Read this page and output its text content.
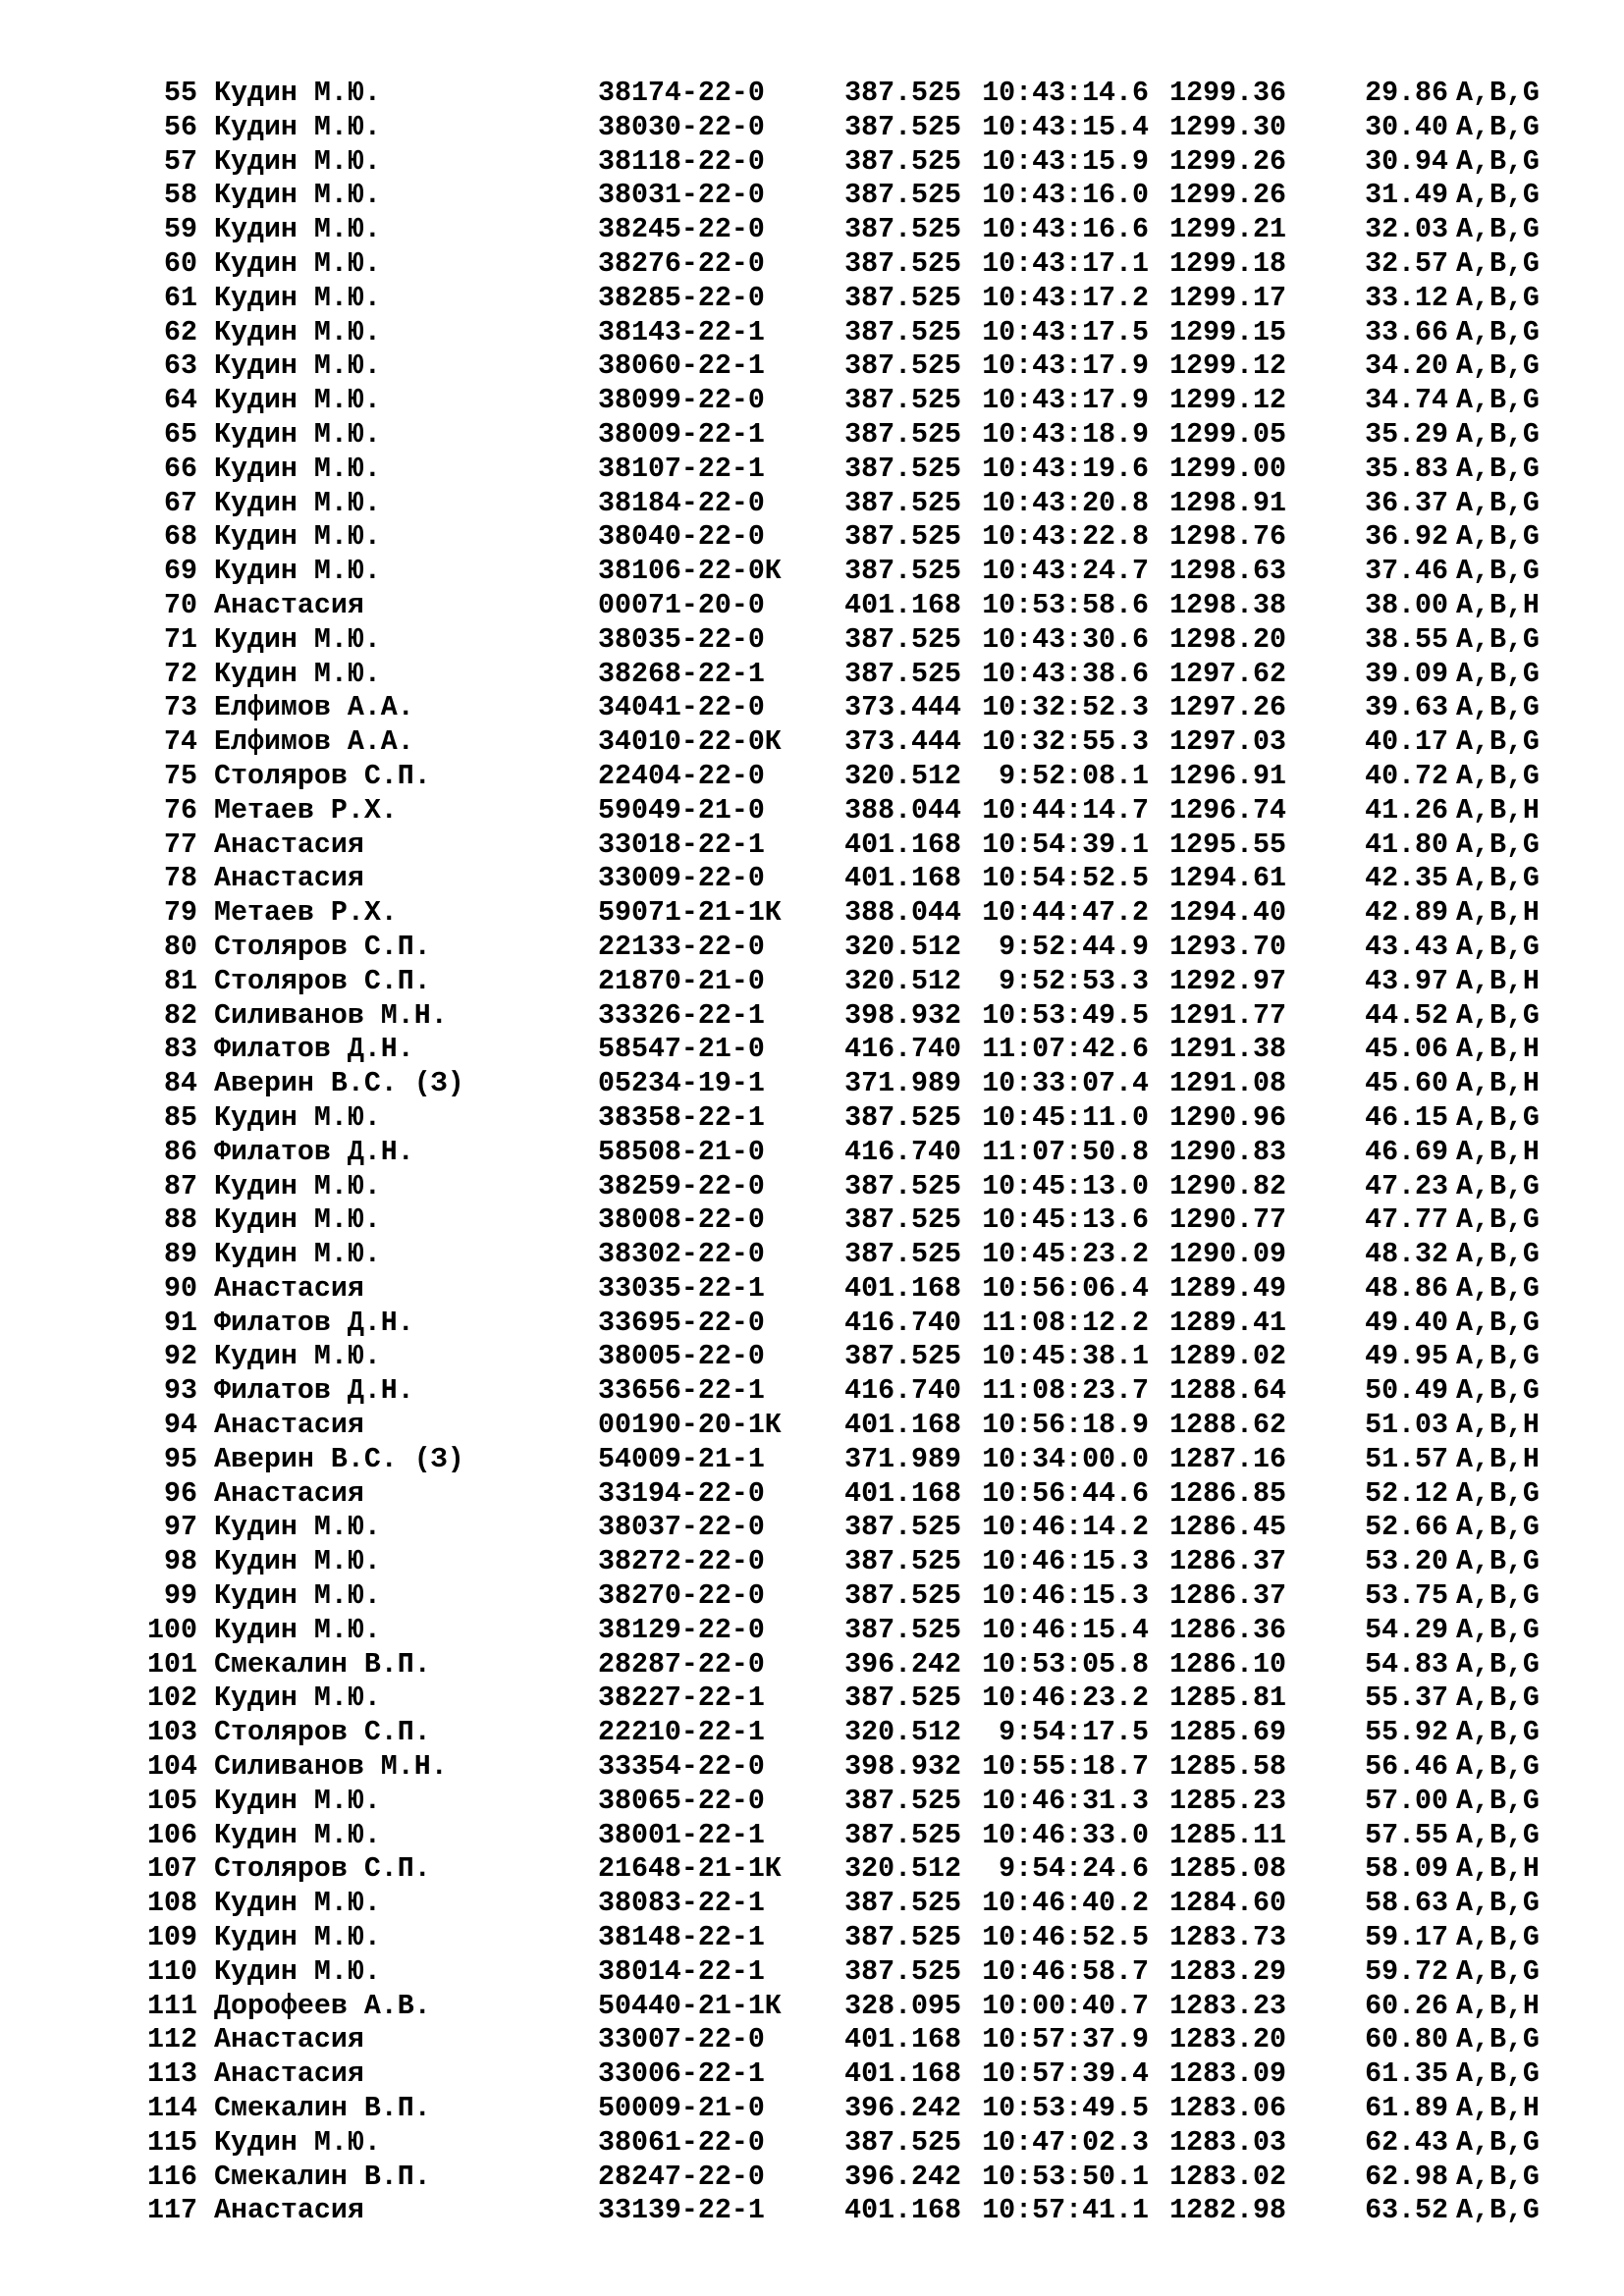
55 Кудин М.Ю.	38174-22-0	387.525 10:43:14.6 1299.36	29.86 A,B,G
56 Кудин М.Ю.	38030-22-0	387.525 10:43:15.4 1299.30	30.40 A,B,G
57 Кудин М.Ю.	38118-22-0	387.525 10:43:15.9 1299.26	30.94 A,B,G
58 Кудин М.Ю.	38031-22-0	387.525 10:43:16.0 1299.26	31.49 A,B,G
59 Кудин М.Ю.	38245-22-0	387.525 10:43:16.6 1299.21	32.03 A,B,G
60 Кудин М.Ю.	38276-22-0	387.525 10:43:17.1 1299.18	32.57 A,B,G
61 Кудин М.Ю.	38285-22-0	387.525 10:43:17.2 1299.17	33.12 A,B,G
62 Кудин М.Ю.	38143-22-1	387.525 10:43:17.5 1299.15	33.66 A,B,G
63 Кудин М.Ю.	38060-22-1	387.525 10:43:17.9 1299.12	34.20 A,B,G
64 Кудин М.Ю.	38099-22-0	387.525 10:43:17.9 1299.12	34.74 A,B,G
65 Кудин М.Ю.	38009-22-1	387.525 10:43:18.9 1299.05	35.29 A,B,G
66 Кудин М.Ю.	38107-22-1	387.525 10:43:19.6 1299.00	35.83 A,B,G
67 Кудин М.Ю.	38184-22-0	387.525 10:43:20.8 1298.91	36.37 A,B,G
68 Кудин М.Ю.	38040-22-0	387.525 10:43:22.8 1298.76	36.92 A,B,G
69 Кудин М.Ю.	38106-22-0К	387.525 10:43:24.7 1298.63	37.46 A,B,G
70 Анастасия	00071-20-0	401.168 10:53:58.6 1298.38	38.00 A,B,H
71 Кудин М.Ю.	38035-22-0	387.525 10:43:30.6 1298.20	38.55 A,B,G
72 Кудин М.Ю.	38268-22-1	387.525 10:43:38.6 1297.62	39.09 A,B,G
73 Елфимов А.А.	34041-22-0	373.444 10:32:52.3 1297.26	39.63 A,B,G
74 Елфимов А.А.	34010-22-0К	373.444 10:32:55.3 1297.03	40.17 A,B,G
75 Столяров С.П.	22404-22-0	320.512	9:52:08.1 1296.91	40.72 A,B,G
76 Метаев Р.Х.	59049-21-0	388.044 10:44:14.7 1296.74	41.26 A,B,H
77 Анастасия	33018-22-1	401.168 10:54:39.1 1295.55	41.80 A,B,G
78 Анастасия	33009-22-0	401.168 10:54:52.5 1294.61	42.35 A,B,G
79 Метаев Р.Х.	59071-21-1К	388.044 10:44:47.2 1294.40	42.89 A,B,H
80 Столяров С.П.	22133-22-0	320.512	9:52:44.9 1293.70	43.43 A,B,G
81 Столяров С.П.	21870-21-0	320.512	9:52:53.3 1292.97	43.97 A,B,H
82 Силиванов М.Н.	33326-22-1	398.932 10:53:49.5 1291.77	44.52 A,B,G
83 Филатов Д.Н.	58547-21-0	416.740 11:07:42.6 1291.38	45.06 A,B,H
84 Аверин В.С. (З)	05234-19-1	371.989 10:33:07.4 1291.08	45.60 A,B,H
85 Кудин М.Ю.	38358-22-1	387.525 10:45:11.0 1290.96	46.15 A,B,G
86 Филатов Д.Н.	58508-21-0	416.740 11:07:50.8 1290.83	46.69 A,B,H
87 Кудин М.Ю.	38259-22-0	387.525 10:45:13.0 1290.82	47.23 A,B,G
88 Кудин М.Ю.	38008-22-0	387.525 10:45:13.6 1290.77	47.77 A,B,G
89 Кудин М.Ю.	38302-22-0	387.525 10:45:23.2 1290.09	48.32 A,B,G
90 Анастасия	33035-22-1	401.168 10:56:06.4 1289.49	48.86 A,B,G
91 Филатов Д.Н.	33695-22-0	416.740 11:08:12.2 1289.41	49.40 A,B,G
92 Кудин М.Ю.	38005-22-0	387.525 10:45:38.1 1289.02	49.95 A,B,G
93 Филатов Д.Н.	33656-22-1	416.740 11:08:23.7 1288.64	50.49 A,B,G
94 Анастасия	00190-20-1К	401.168 10:56:18.9 1288.62	51.03 A,B,H
95 Аверин В.С. (З)	54009-21-1	371.989 10:34:00.0 1287.16	51.57 A,B,H
96 Анастасия	33194-22-0	401.168 10:56:44.6 1286.85	52.12 A,B,G
97 Кудин М.Ю.	38037-22-0	387.525 10:46:14.2 1286.45	52.66 A,B,G
98 Кудин М.Ю.	38272-22-0	387.525 10:46:15.3 1286.37	53.20 A,B,G
99 Кудин М.Ю.	38270-22-0	387.525 10:46:15.3 1286.37	53.75 A,B,G
100 Кудин М.Ю.	38129-22-0	387.525 10:46:15.4 1286.36	54.29 A,B,G
101 Смекалин В.П.	28287-22-0	396.242 10:53:05.8 1286.10	54.83 A,B,G
102 Кудин М.Ю.	38227-22-1	387.525 10:46:23.2 1285.81	55.37 A,B,G
103 Столяров С.П.	22210-22-1	320.512	9:54:17.5 1285.69	55.92 A,B,G
104 Силиванов М.Н.	33354-22-0	398.932 10:55:18.7 1285.58	56.46 A,B,G
105 Кудин М.Ю.	38065-22-0	387.525 10:46:31.3 1285.23	57.00 A,B,G
106 Кудин М.Ю.	38001-22-1	387.525 10:46:33.0 1285.11	57.55 A,B,G
107 Столяров С.П.	21648-21-1К	320.512	9:54:24.6 1285.08	58.09 A,B,H
108 Кудин М.Ю.	38083-22-1	387.525 10:46:40.2 1284.60	58.63 A,B,G
109 Кудин М.Ю.	38148-22-1	387.525 10:46:52.5 1283.73	59.17 A,B,G
110 Кудин М.Ю.	38014-22-1	387.525 10:46:58.7 1283.29	59.72 A,B,G
111 Дорофеев А.В.	50440-21-1К	328.095 10:00:40.7 1283.23	60.26 A,B,H
112 Анастасия	33007-22-0	401.168 10:57:37.9 1283.20	60.80 A,B,G
113 Анастасия	33006-22-1	401.168 10:57:39.4 1283.09	61.35 A,B,G
114 Смекалин В.П.	50009-21-0	396.242 10:53:49.5 1283.06	61.89 A,B,H
115 Кудин М.Ю.	38061-22-0	387.525 10:47:02.3 1283.03	62.43 A,B,G
116 Смекалин В.П.	28247-22-0	396.242 10:53:50.1 1283.02	62.98 A,B,G
117 Анастасия	33139-22-1	401.168 10:57:41.1 1282.98	63.52 A,B,G
